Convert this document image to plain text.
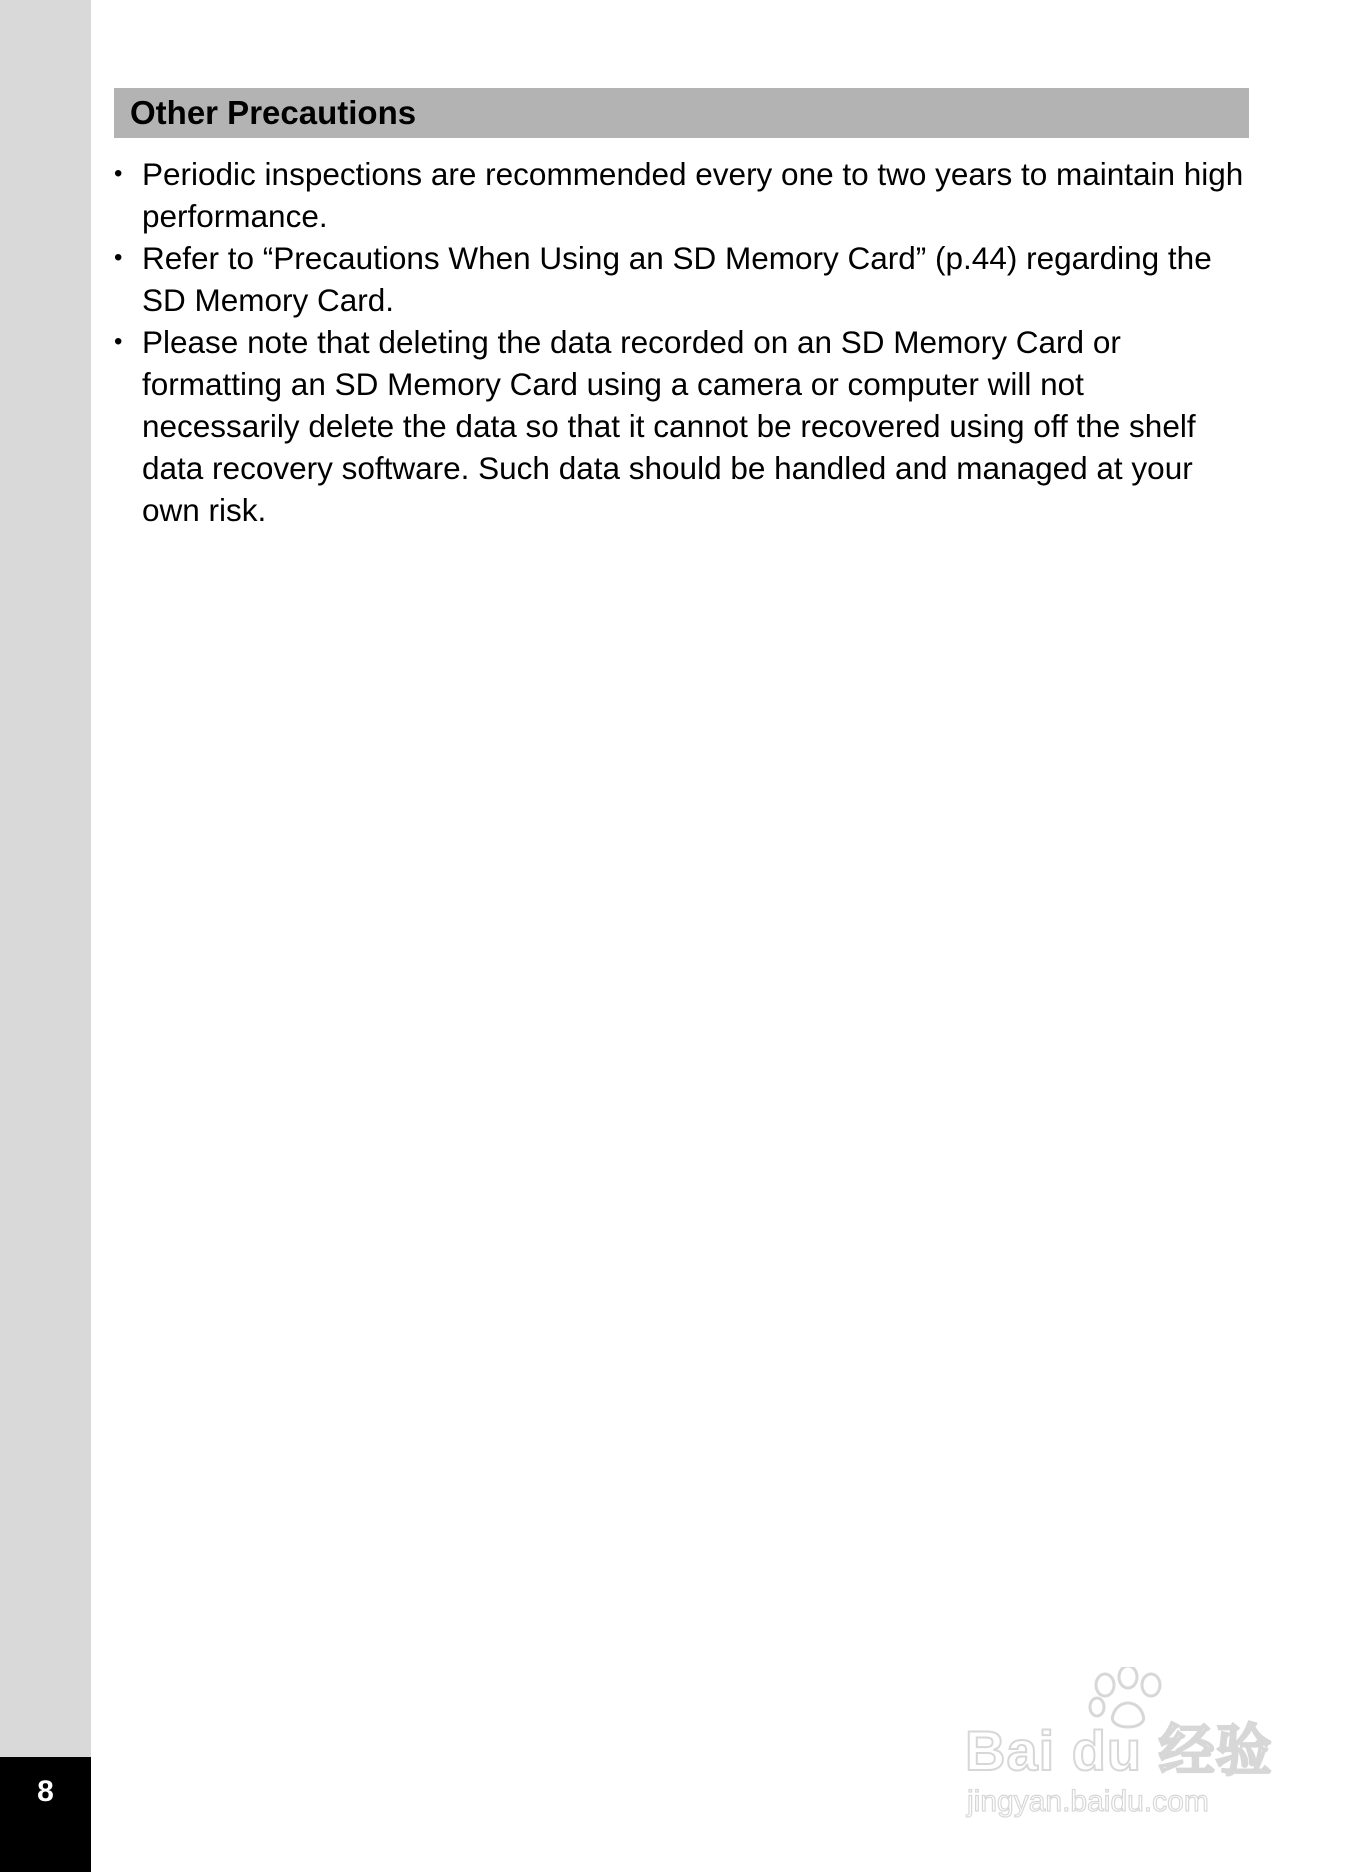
8
Other Precautions
• Periodic inspections are recommended every one to two years to maintain high performance.
• Refer to “Precautions When Using an SD Memory Card” (p.44) regarding the SD Memory Card.
• Please note that deleting the data recorded on an SD Memory Card or formatting an SD Memory Card using a camera or computer will not necessarily delete the data so that it cannot be recovered using off the shelf data recovery software. Such data should be handled and managed at your own risk.
Bai du 经验
jingyan.baidu.com
